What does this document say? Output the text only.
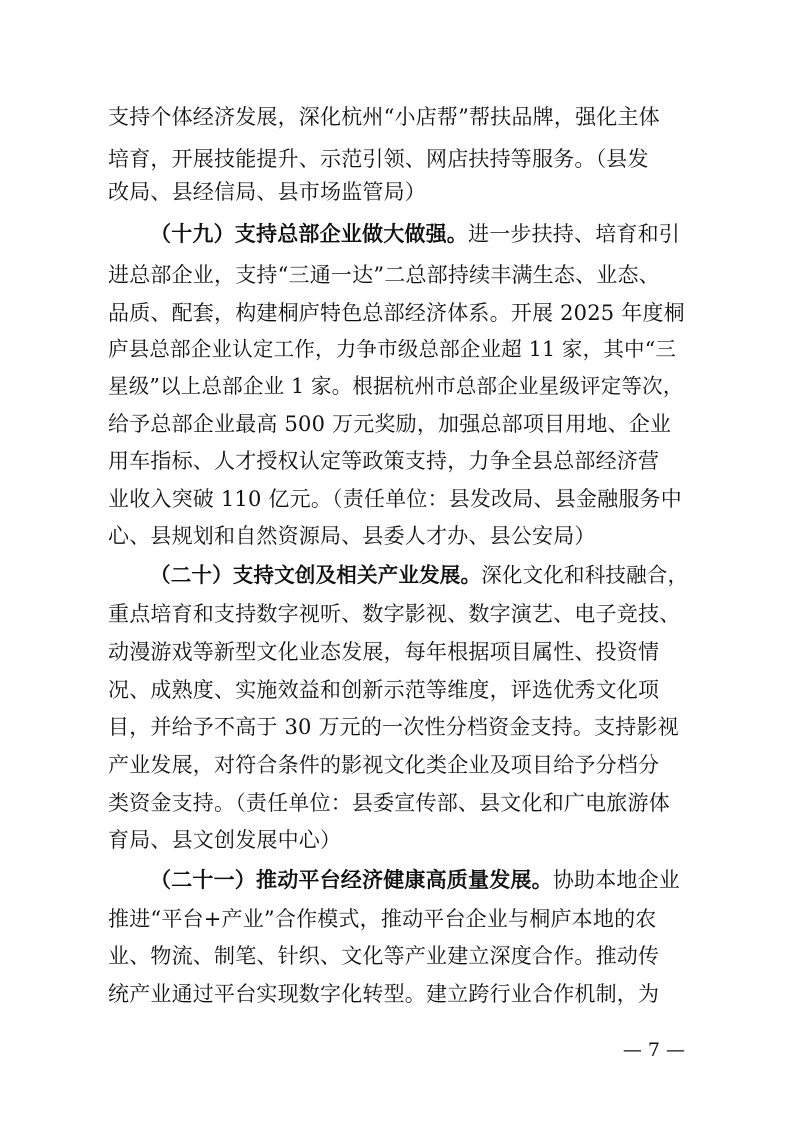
支持个体经济发展，深化杭州“小店帮”帮扶品牌，强化主体
培育，开展技能提升、示范引领、网店扶持等服务。（县发
改局、县经信局、县市场监管局）
（十九）支持总部企业做大做强。进一步扶持、培育和引
进总部企业，支持“三通一达”二总部持续丰满生态、业态、
品质、配套，构建桐庐特色总部经济体系。开展 2025 年度桐
庐县总部企业认定工作，力争市级总部企业超 11 家，其中“三
星级”以上总部企业 1 家。根据杭州市总部企业星级评定等次，
给予总部企业最高 500 万元奖励，加强总部项目用地、企业
用车指标、人才授权认定等政策支持，力争全县总部经济营
业收入突破 110 亿元。（责任单位：县发改局、县金融服务中
心、县规划和自然资源局、县委人才办、县公安局）
（二十）支持文创及相关产业发展。深化文化和科技融合，
重点培育和支持数字视听、数字影视、数字演艺、电子竞技、
动漫游戏等新型文化业态发展，每年根据项目属性、投资情
况、成熟度、实施效益和创新示范等维度，评选优秀文化项
目，并给予不高于 30 万元的一次性分档资金支持。支持影视
产业发展，对符合条件的影视文化类企业及项目给予分档分
类资金支持。（责任单位：县委宣传部、县文化和广电旅游体
育局、县文创发展中心）
（二十一）推动平台经济健康高质量发展。协助本地企业
推进“平台+产业”合作模式，推动平台企业与桐庐本地的农
业、物流、制笔、针织、文化等产业建立深度合作。推动传
统产业通过平台实现数字化转型。建立跨行业合作机制，为
— 7 —
